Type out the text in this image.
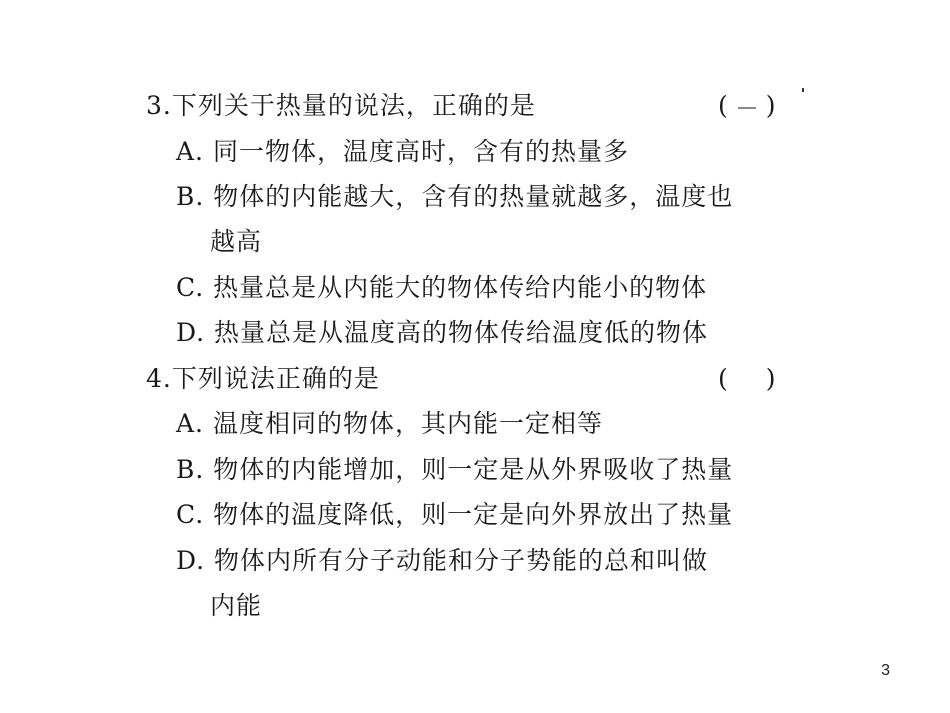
3.下列关于热量的说法，正确的是	( )
A. 同一物体，温度高时，含有的热量多
B. 物体的内能越大，含有的热量就越多，温度也
越高
C. 热量总是从内能大的物体传给内能小的物体
D. 热量总是从温度高的物体传给温度低的物体
4.下列说法正确的是	( )
A. 温度相同的物体，其内能一定相等
B. 物体的内能增加，则一定是从外界吸收了热量
C. 物体的温度降低，则一定是向外界放出了热量
D. 物体内所有分子动能和分子势能的总和叫做
内能
3
